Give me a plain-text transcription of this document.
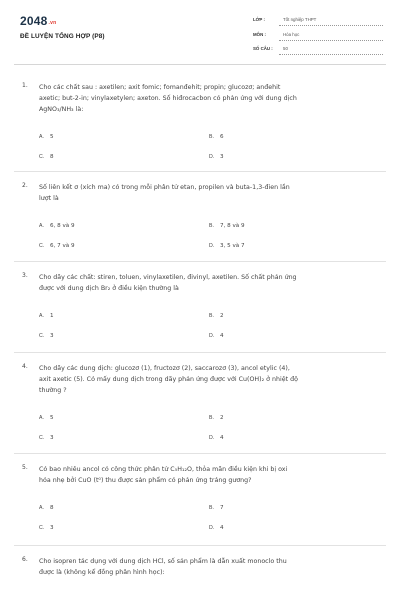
2048.vn
ĐỀ LUYỆN TỔNG HỢP (P8)
LỚP :	Tốt nghiệp THPT
MÔN :	Hóa học
SỐ CÂU : 50
1. Cho các chất sau : axetilen; axit fomic; fomanđehit; propin; glucozơ; anđehit
axetic; but-2-in; vinylaxetylen; axeton. Số hiđrocacbon có phản ứng với dung dịch
AgNO₃/NH₃ là:
A. 5	B. 6
C. 8	D. 3
2. Số liên kết σ (xích ma) có trong mỗi phân tử etan, propilen và buta-1,3-đien lần
lượt là
A. 6, 8 và 9	B. 7, 8 và 9
C. 6, 7 và 9	D. 3, 5 và 7
3. Cho dãy các chất: stiren, toluen, vinylaxetilen, đivinyl, axetilen. Số chất phản ứng
được với dung dịch Br₂ ở điều kiện thường là
A. 1	B. 2
C. 3	D. 4
4. Cho dãy các dung dịch: glucozơ (1), fructozơ (2), saccarozơ (3), ancol etylic (4),
axit axetic (5). Có mấy dung dịch trong dãy phản ứng được với Cu(OH)₂ ở nhiệt độ
thường ?
A. 5	B. 2
C. 3	D. 4
5. Có bao nhiêu ancol có công thức phân tử C₅H₁₂O, thỏa mãn điều kiện khi bị oxi
hóa nhẹ bởi CuO (t⁰) thu được sản phẩm có phản ứng tráng gương?
A. 8	B. 7
C. 3	D. 4
6. Cho isopren tác dụng với dung dịch HCl, số sản phẩm là dẫn xuất monoclo thu
được là (không kể đồng phân hình học):
